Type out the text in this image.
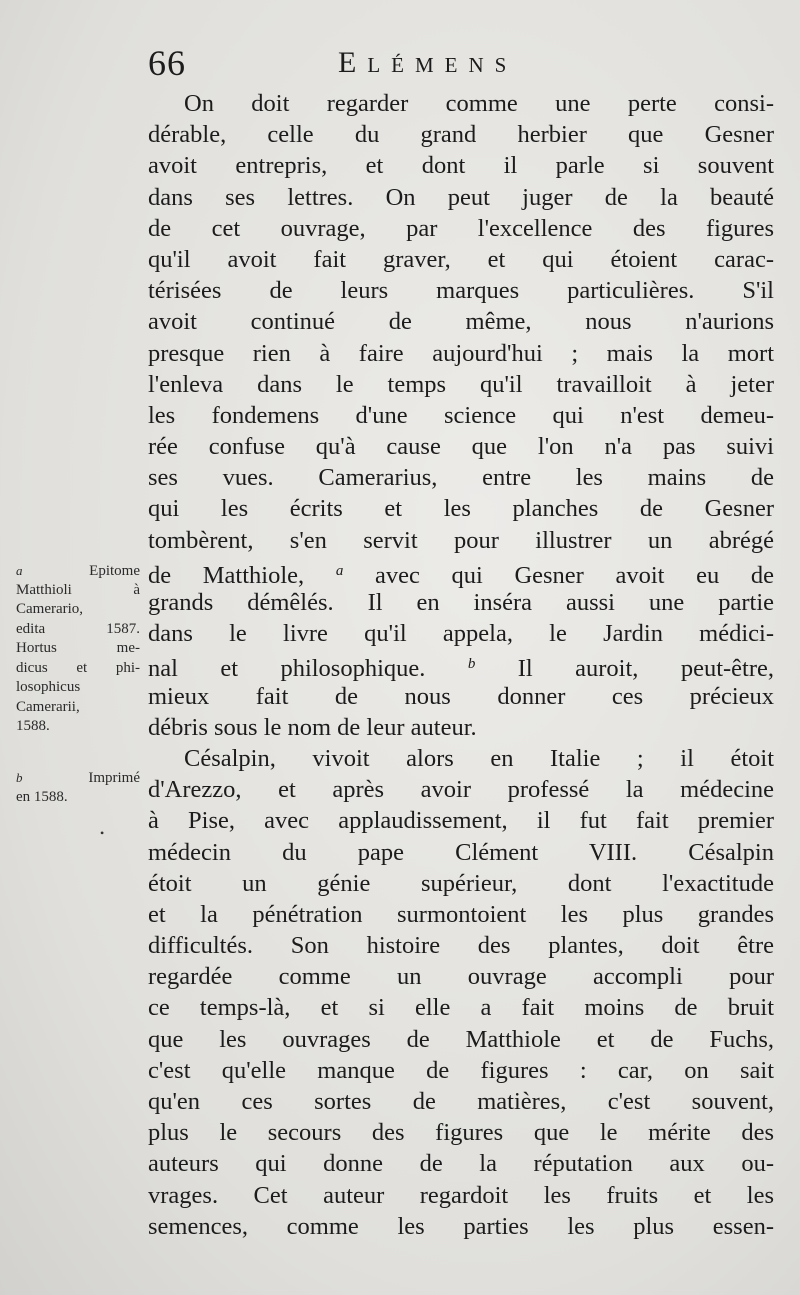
66	Elémens
On doit regarder comme une perte consi-
dérable, celle du grand herbier que Gesner
avoit entrepris, et dont il parle si souvent
dans ses lettres. On peut juger de la beauté
de cet ouvrage, par l'excellence des figures
qu'il avoit fait graver, et qui étoient carac-
térisées de leurs marques particulières. S'il
avoit continué de même, nous n'aurions
presque rien à faire aujourd'hui ; mais la mort
l'enleva dans le temps qu'il travailloit à jeter
les fondemens d'une science qui n'est demeu-
rée confuse qu'à cause que l'on n'a pas suivi
ses vues. Camerarius, entre les mains de
qui les écrits et les planches de Gesner
tombèrent, s'en servit pour illustrer un abrégé
de Matthiole, $^a$ avec qui Gesner avoit eu de
grands démêlés. Il en inséra aussi une partie
dans le livre qu'il appela, le Jardin médici-
nal et philosophique.	$^b$ Il auroit, peut-être,
mieux fait de nous donner ces précieux
débris sous le nom de leur auteur.
Césalpin, vivoit alors en Italie ; il étoit
d'Arezzo, et après avoir professé la médecine
à Pise, avec applaudissement, il fut fait premier
médecin du pape Clément VIII. Césalpin
étoit un génie supérieur, dont l'exactitude
et la pénétration surmontoient les plus grandes
difficultés. Son histoire des plantes, doit être
regardée comme un ouvrage accompli pour
ce temps-là, et si elle a fait moins de bruit
que les ouvrages de Matthiole et de Fuchs,
c'est qu'elle manque de figures : car, on sait
qu'en ces sortes de matières, c'est souvent,
plus le secours des figures que le mérite des
auteurs qui donne de la réputation aux ou-
vrages. Cet auteur regardoit les fruits et les
semences, comme les parties les plus essen-
a	Epitome
Matthioli à
Camerario,
edita 1587.
Hortus me-
dicus et phi-
losophicus
Camerarii,
1588.
b	Imprimé
en 1588.
•
